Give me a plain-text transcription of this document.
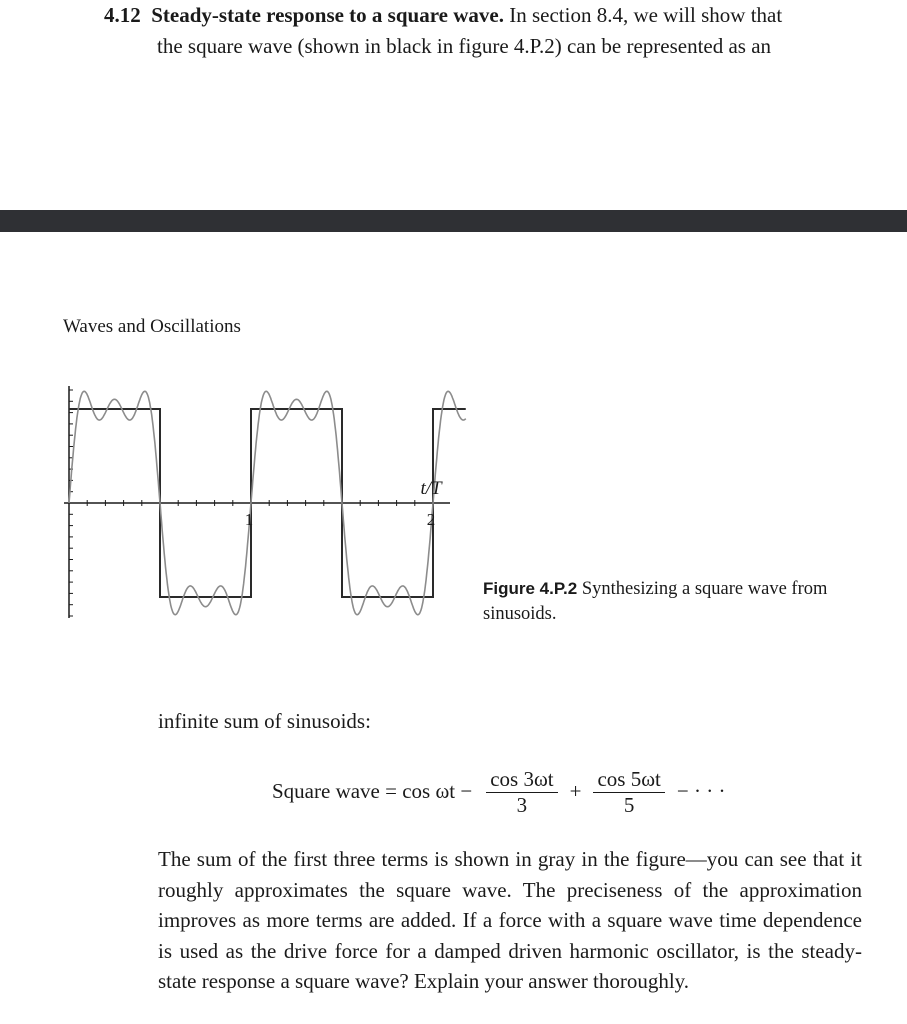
4.12 Steady-state response to a square wave. In section 8.4, we will show that
the square wave (shown in black in figure 4.P.2) can be represented as an
Waves and Oscillations
1
t/T
2
Figure 4.P.2 Synthesizing a square wave from sinusoids.
infinite sum of sinusoids:
Square wave = $\cos \omega t - \frac{\cos 3\omega t}{3} + \frac{\cos 5\omega t}{5}$ − · · ·
The sum of the first three terms is shown in gray in the figure—you can see that it roughly approximates the square wave. The preciseness of the approximation improves as more terms are added. If a force with a square wave time dependence is used as the drive force for a damped driven harmonic oscillator, is the steady-state response a square wave? Explain your answer thoroughly.
